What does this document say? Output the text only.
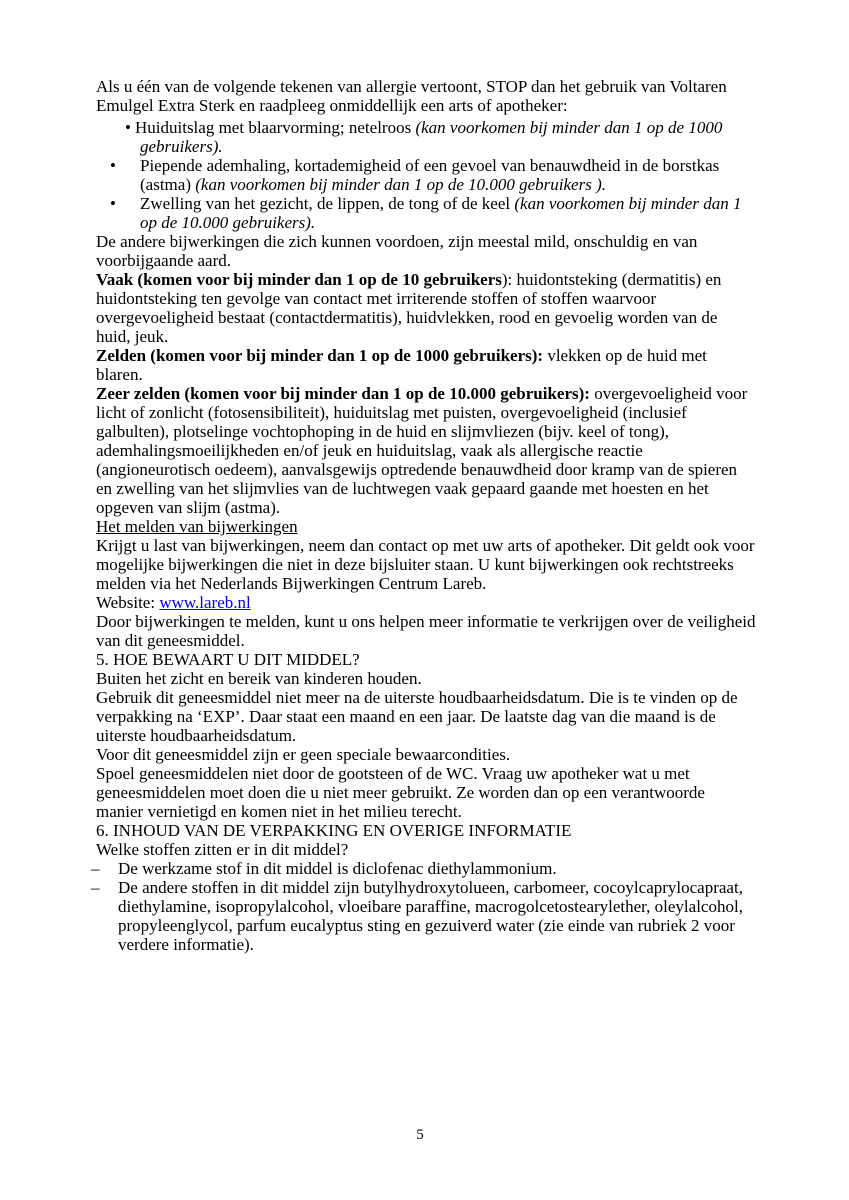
Als u één van de volgende tekenen van allergie vertoont, STOP dan het gebruik van Voltaren Emulgel Extra Sterk en raadpleeg onmiddellijk een arts of apotheker:

• Huiduitslag met blaarvorming; netelroos (kan voorkomen bij minder dan 1 op de 1000 gebruikers).
• Piepende ademhaling, kortademigheid of een gevoel van benauwdheid in de borstkas (astma) (kan voorkomen bij minder dan 1 op de 10.000 gebruikers ).
• Zwelling van het gezicht, de lippen, de tong of de keel (kan voorkomen bij minder dan 1 op de 10.000 gebruikers).

De andere bijwerkingen die zich kunnen voordoen, zijn meestal mild, onschuldig en van voorbijgaande aard.

Vaak (komen voor bij minder dan 1 op de 10 gebruikers): huidontsteking (dermatitis) en huidontsteking ten gevolge van contact met irriterende stoffen of stoffen waarvoor overgevoeligheid bestaat (contactdermatitis), huidvlekken, rood en gevoelig worden van de huid, jeuk.

Zelden (komen voor bij minder dan 1 op de 1000 gebruikers): vlekken op de huid met blaren.

Zeer zelden (komen voor bij minder dan 1 op de 10.000 gebruikers): overgevoeligheid voor licht of zonlicht (fotosensibiliteit), huiduitslag met puisten, overgevoeligheid (inclusief galbulten), plotselinge vochtophoping in de huid en slijmvliezen (bijv. keel of tong), ademhalingsmoeilijkheden en/of jeuk en huiduitslag, vaak als allergische reactie (angioneurotisch oedeem), aanvalsgewijs optredende benauwdheid door kramp van de spieren en zwelling van het slijmvlies van de luchtwegen vaak gepaard gaande met hoesten en het opgeven van slijm (astma).

Het melden van bijwerkingen

Krijgt u last van bijwerkingen, neem dan contact op met uw arts of apotheker. Dit geldt ook voor mogelijke bijwerkingen die niet in deze bijsluiter staan. U kunt bijwerkingen ook rechtstreeks melden via het Nederlands Bijwerkingen Centrum Lareb.

Website: www.lareb.nl

Door bijwerkingen te melden, kunt u ons helpen meer informatie te verkrijgen over de veiligheid van dit geneesmiddel.

5. HOE BEWAART U DIT MIDDEL?

Buiten het zicht en bereik van kinderen houden.

Gebruik dit geneesmiddel niet meer na de uiterste houdbaarheidsdatum. Die is te vinden op de verpakking na ‘EXP’. Daar staat een maand en een jaar. De laatste dag van die maand is de uiterste houdbaarheidsdatum.

Voor dit geneesmiddel zijn er geen speciale bewaarcondities.

Spoel geneesmiddelen niet door de gootsteen of de WC. Vraag uw apotheker wat u met geneesmiddelen moet doen die u niet meer gebruikt. Ze worden dan op een verantwoorde manier vernietigd en komen niet in het milieu terecht.

6. INHOUD VAN DE VERPAKKING EN OVERIGE INFORMATIE
Welke stoffen zitten er in dit middel?
– De werkzame stof in dit middel is diclofenac diethylammonium.
– De andere stoffen in dit middel zijn butylhydroxytolueen, carbomeer, cocoylcaprylocapraat, diethylamine, isopropylalcohol, vloeibare paraffine, macrogolcetostearylether, oleylalcohol, propyleenglycol, parfum eucalyptus sting en gezuiverd water (zie einde van rubriek 2 voor verdere informatie).
5
